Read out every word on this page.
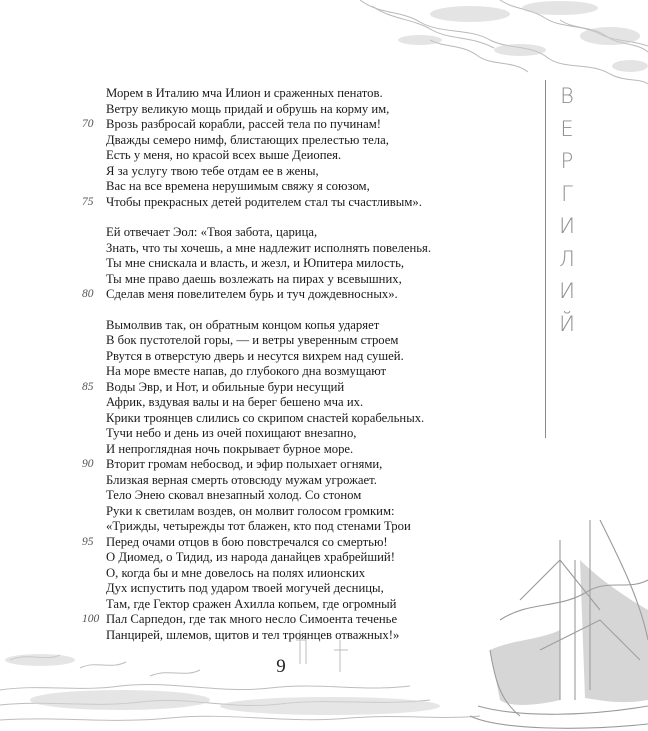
Морем в Италию мча Илион и сраженных пенатов.
Ветру великую мощь придай и обрушь на корму им,
70 Врозь разбросай корабли, рассей тела по пучинам!
Дважды семеро нимф, блистающих прелестью тела,
Есть у меня, но красой всех выше Деиопея.
Я за услугу твою тебе отдам ее в жены,
Вас на все времена нерушимым свяжу я союзом,
75 Чтобы прекрасных детей родителем стал ты счастливым».
Ей отвечает Эол: «Твоя забота, царица,
Знать, что ты хочешь, а мне надлежит исполнять повеленья.
Ты мне снискала и власть, и жезл, и Юпитера милость,
Ты мне право даешь возлежать на пирах у всевышних,
80 Сделав меня повелителем бурь и туч дождевносных».
Вымолвив так, он обратным концом копья ударяет
В бок пустотелой горы, — и ветры уверенным строем
Рвутся в отверстую дверь и несутся вихрем над сушей.
На море вместе напав, до глубокого дна возмущают
85 Воды Эвр, и Нот, и обильные бури несущий
Африк, вздувая валы и на берег бешено мча их.
Крики троянцев слились со скрипом снастей корабельных.
Тучи небо и день из очей похищают внезапно,
И непроглядная ночь покрывает бурное море.
90 Вторит громам небосвод, и эфир полыхает огнями,
Близкая верная смерть отовсюду мужам угрожает.
Тело Энею сковал внезапный холод. Со стоном
Руки к светилам воздев, он молвит голосом громким:
«Трижды, четырежды тот блажен, кто под стенами Трои
95 Перед очами отцов в бою повстречался со смертью!
О Диомед, о Тидид, из народа данайцев храбрейший!
О, когда бы и мне довелось на полях илионских
Дух испустить под ударом твоей могучей десницы,
Там, где Гектор сражен Ахилла копьем, где огромный
100 Пал Сарпедон, где так много несло Симоента теченье
Панцирей, шлемов, щитов и тел троянцев отважных!»
В
Е
Р
Г
И
Л
И
Й
9
